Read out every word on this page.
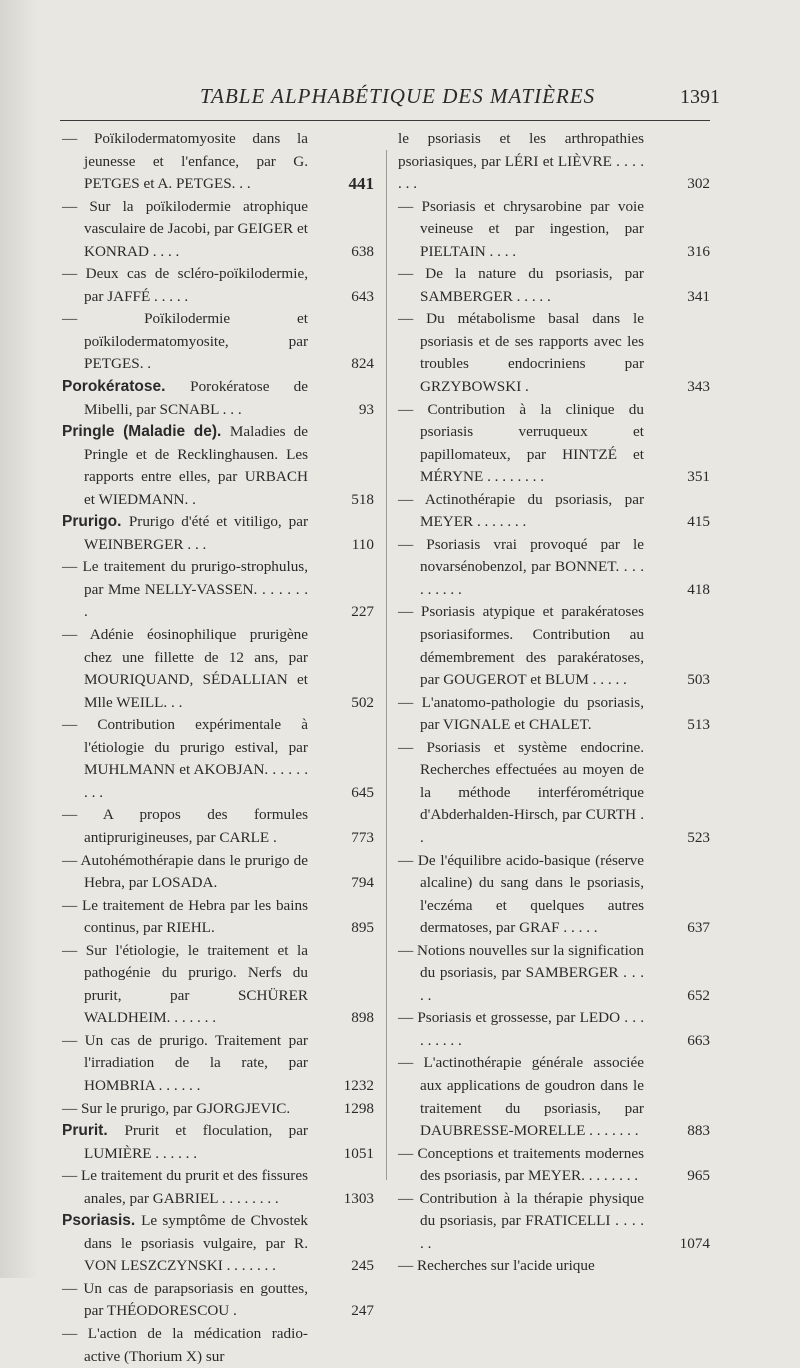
TABLE ALPHABÉTIQUE DES MATIÈRES	1391
— Poïkilodermatomyosite dans la jeunesse et l'enfance, par G. PETGES et A. PETGES. . .	441
— Sur la poïkilodermie atrophique vasculaire de Jacobi, par GEIGER et KONRAD . . . .	638
— Deux cas de scléro-poïkilodermie, par JAFFÉ . . . . .	643
— Poïkilodermie et poïkilodermatomyosite, par PETGES. .	824
Porokératose. Porokératose de Mibelli, par SCNABL . . .	93
Pringle (Maladie de). Maladies de Pringle et de Recklinghausen. Les rapports entre elles, par URBACH et WIEDMANN. .	518
Prurigo. Prurigo d'été et vitiligo, par WEINBERGER . . .	110
— Le traitement du prurigo-strophulus, par Mme NELLY-VASSEN. . . . . . . .	227
— Adénie éosinophilique prurigène chez une fillette de 12 ans, par MOURIQUAND, SÉDALLIAN et Mlle WEILL. . .	502
— Contribution expérimentale à l'étiologie du prurigo estival, par MUHLMANN et AKOBJAN. . . . . . . . .	645
— A propos des formules antiprurigineuses, par CARLE .	773
— Autohémothérapie dans le prurigo de Hebra, par LOSADA.	794
— Le traitement de Hebra par les bains continus, par RIEHL.	895
— Sur l'étiologie, le traitement et la pathogénie du prurigo. Nerfs du prurit, par SCHÜRER WALDHEIM. . . . . . .	898
— Un cas de prurigo. Traitement par l'irradiation de la rate, par HOMBRIA . . . . . .	1232
— Sur le prurigo, par GJORGJEVIC.	1298
Prurit. Prurit et floculation, par LUMIÈRE . . . . . .	1051
— Le traitement du prurit et des fissures anales, par GABRIEL . . . . . . . .	1303
Psoriasis. Le symptôme de Chvostek dans le psoriasis vulgaire, par R. VON LESZCZYNSKI . . . . . . .	245
— Un cas de parapsoriasis en gouttes, par THÉODORESCOU .	247
— L'action de la médication radio-active (Thorium X) sur
le psoriasis et les arthropathies psoriasiques, par LÉRI et LIÈVRE . . . . . . .	302
— Psoriasis et chrysarobine par voie veineuse et par ingestion, par PIELTAIN . . . .	316
— De la nature du psoriasis, par SAMBERGER . . . . .	341
— Du métabolisme basal dans le psoriasis et de ses rapports avec les troubles endocriniens par GRZYBOWSKI .	343
— Contribution à la clinique du psoriasis verruqueux et papillomateux, par HINTZÉ et MÉRYNE . . . . . . . .	351
— Actinothérapie du psoriasis, par MEYER . . . . . . .	415
— Psoriasis vrai provoqué par le novarsénobenzol, par BONNET. . . . . . . . . .	418
— Psoriasis atypique et parakératoses psoriasiformes. Contribution au démembrement des parakératoses, par GOUGEROT et BLUM . . . . .	503
— L'anatomo-pathologie du psoriasis, par VIGNALE et CHALET.	513
— Psoriasis et système endocrine. Recherches effectuées au moyen de la méthode interférométrique d'Abderhalden-Hirsch, par CURTH . .	523
— De l'équilibre acido-basique (réserve alcaline) du sang dans le psoriasis, l'eczéma et quelques autres dermatoses, par GRAF . . . . .	637
— Notions nouvelles sur la signification du psoriasis, par SAMBERGER . . . . .	652
— Psoriasis et grossesse, par LEDO . . . . . . . . .	663
— L'actinothérapie générale associée aux applications de goudron dans le traitement du psoriasis, par DAUBRESSE-MORELLE . . . . . . .	883
— Conceptions et traitements modernes des psoriasis, par MEYER. . . . . . . .	965
— Contribution à la thérapie physique du psoriasis, par FRATICELLI . . . . . .	1074
— Recherches sur l'acide urique
